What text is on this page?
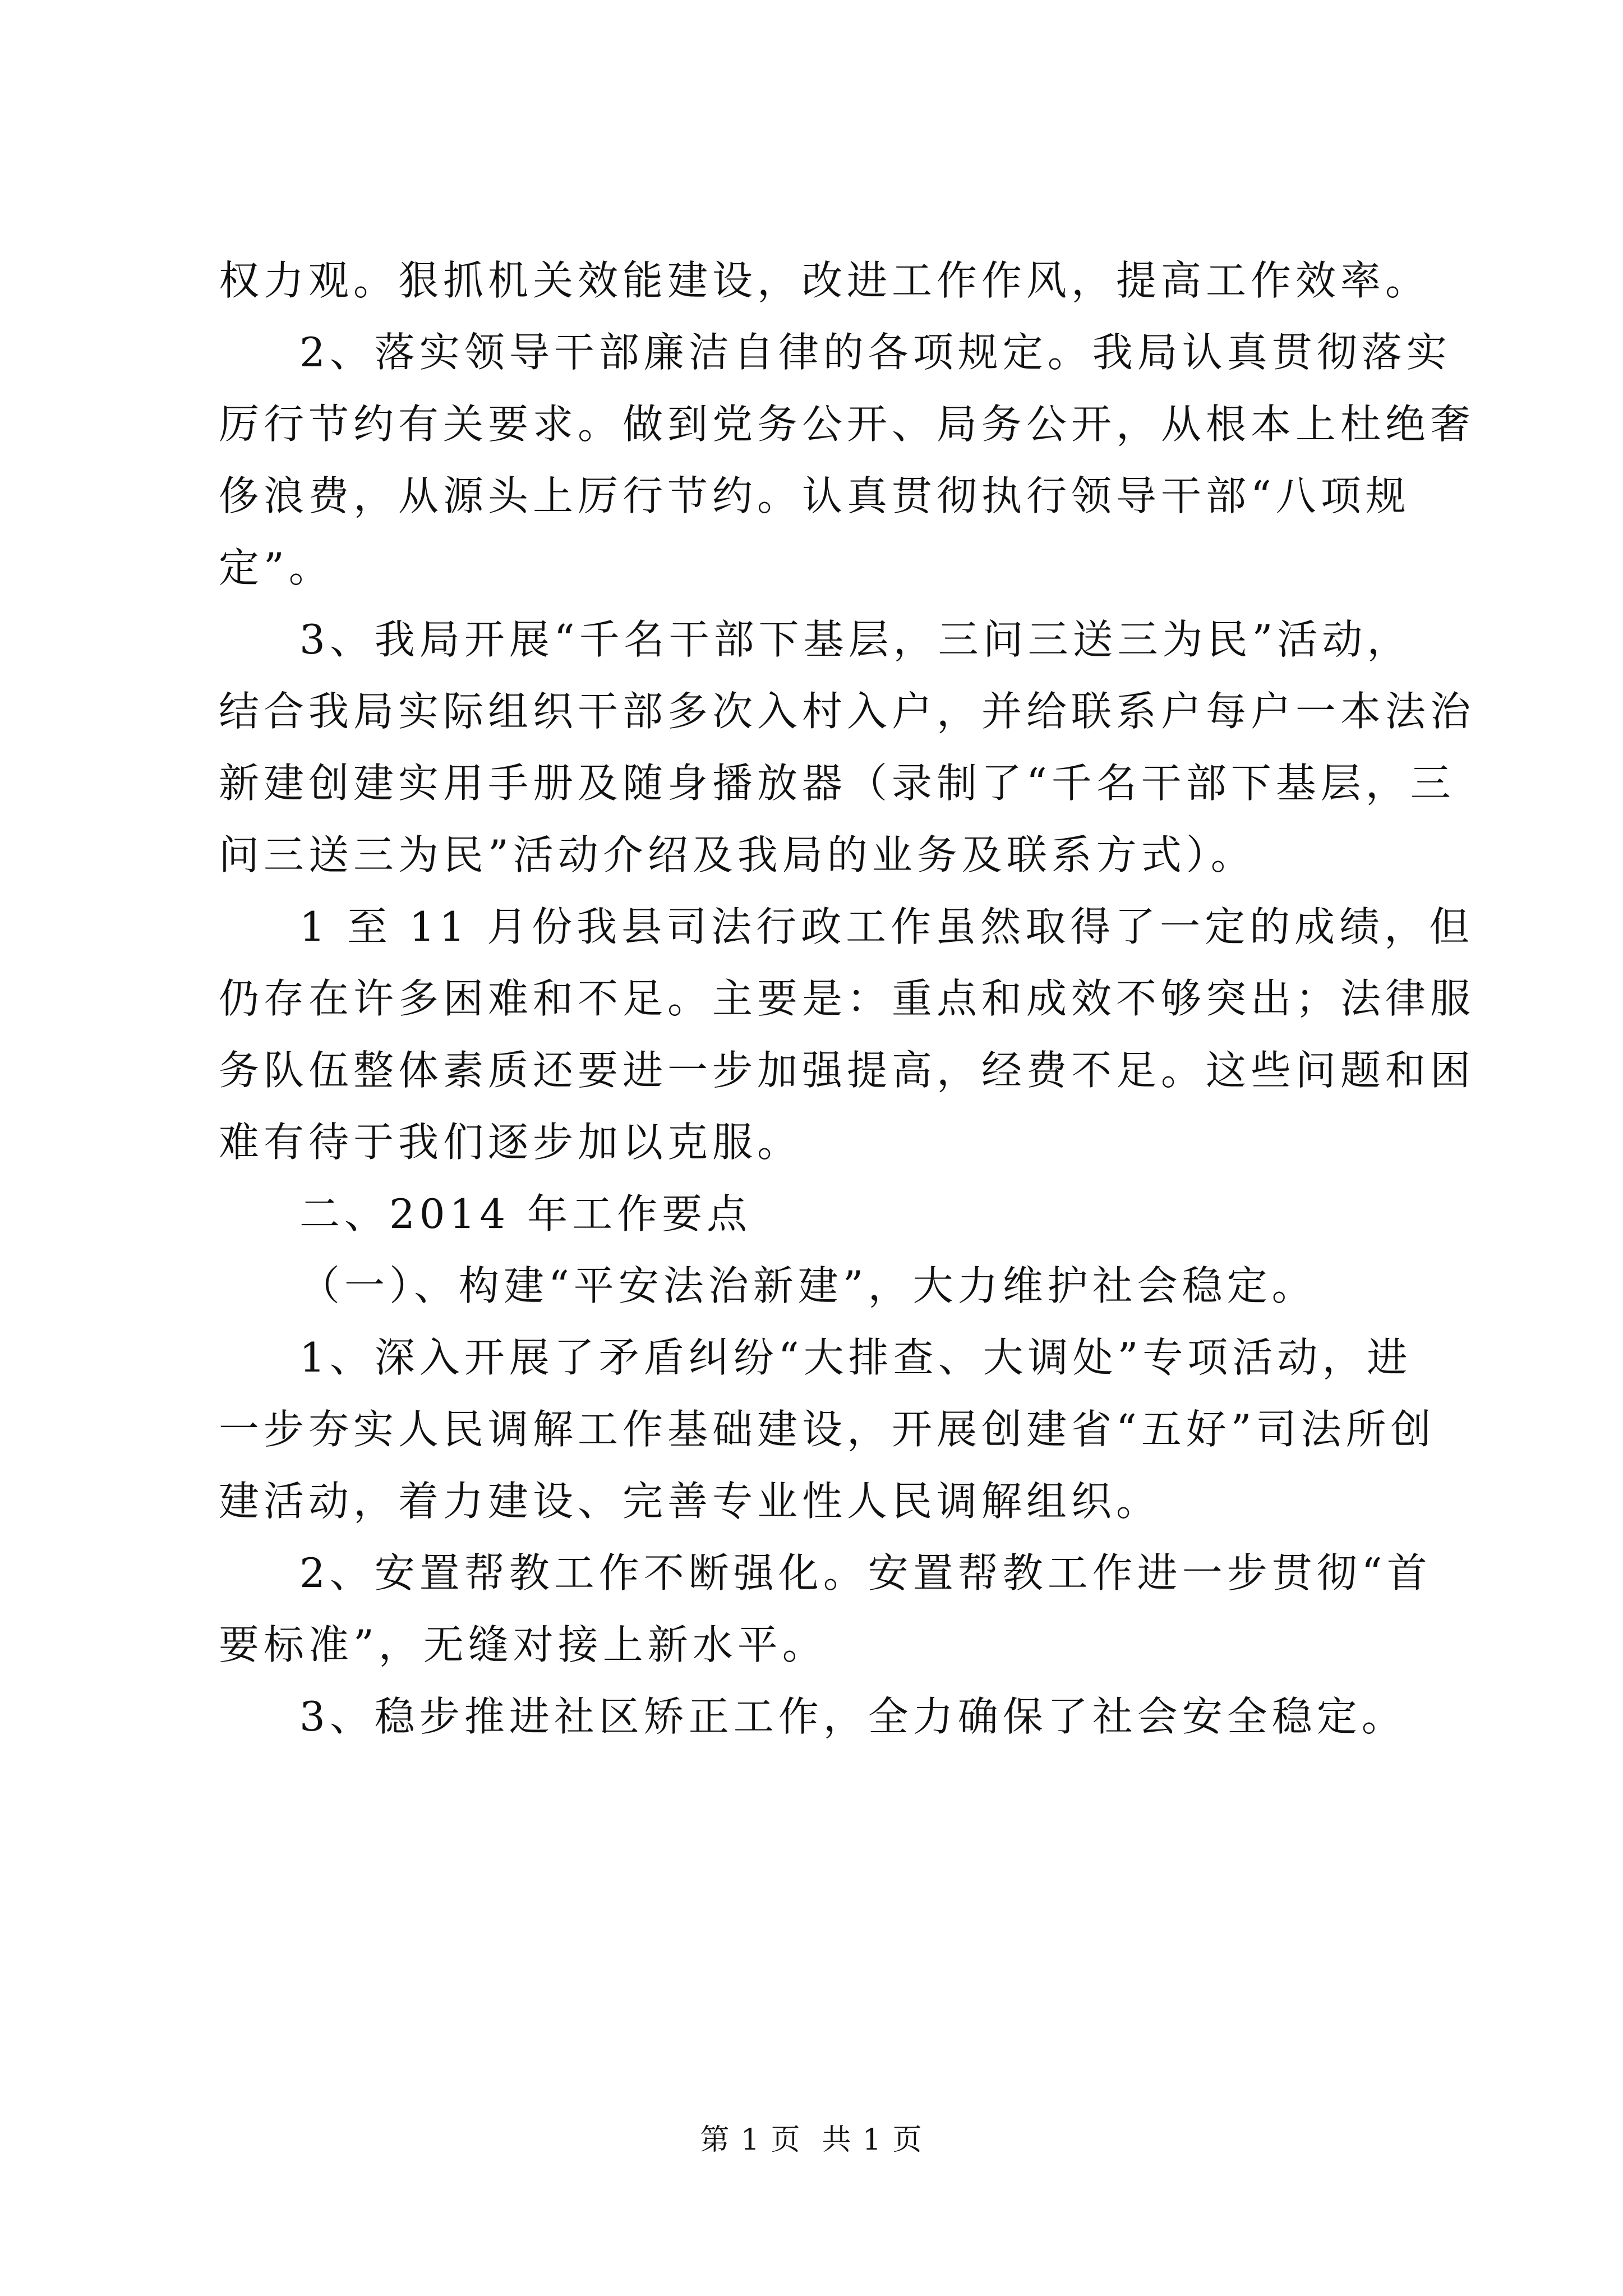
权力观。狠抓机关效能建设，改进工作作风，提高工作效率。
2、落实领导干部廉洁自律的各项规定。我局认真贯彻落实
厉行节约有关要求。做到党务公开、局务公开，从根本上杜绝奢
侈浪费，从源头上厉行节约。认真贯彻执行领导干部“八项规
定”。
3、我局开展“千名干部下基层，三问三送三为民”活动，
结合我局实际组织干部多次入村入户，并给联系户每户一本法治
新建创建实用手册及随身播放器（录制了“千名干部下基层，三
问三送三为民”活动介绍及我局的业务及联系方式）。
1 至 11 月份我县司法行政工作虽然取得了一定的成绩，但
仍存在许多困难和不足。主要是：重点和成效不够突出；法律服
务队伍整体素质还要进一步加强提高，经费不足。这些问题和困
难有待于我们逐步加以克服。
二、2014 年工作要点
（一）、构建“平安法治新建”，大力维护社会稳定。
1、深入开展了矛盾纠纷“大排查、大调处”专项活动，进
一步夯实人民调解工作基础建设，开展创建省“五好”司法所创
建活动，着力建设、完善专业性人民调解组织。
2、安置帮教工作不断强化。安置帮教工作进一步贯彻“首
要标准”，无缝对接上新水平。
3、稳步推进社区矫正工作，全力确保了社会安全稳定。
第 1 页  共 1 页
